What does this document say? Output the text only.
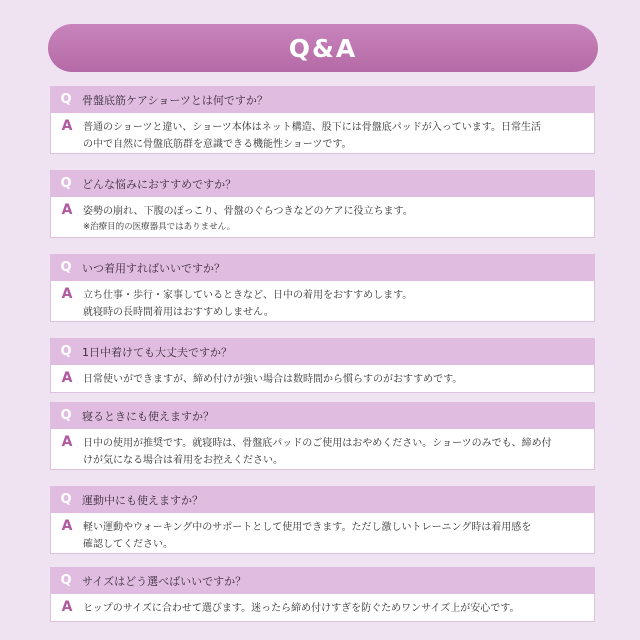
Q&A
Q 骨盤底筋ケアショーツとは何ですか？
A	普通のショーツと違い、ショーツ本体はネット構造、股下には骨盤底パッドが入っています。日常生活
の中で自然に骨盤底筋群を意識できる機能性ショーツです。
Q どんな悩みにおすすめですか？
A	姿勢の崩れ、下腹のぽっこり、骨盤のぐらつきなどのケアに役立ちます。
※治療目的の医療器具ではありません。
Q いつ着用すればいいですか？
A	立ち仕事・歩行・家事しているときなど、日中の着用をおすすめします。
就寝時の長時間着用はおすすめしません。
Q 1日中着けても大丈夫ですか？
A	日常使いができますが、締め付けが強い場合は数時間から慣らすのがおすすめです。
Q 寝るときにも使えますか？
A	日中の使用が推奨です。就寝時は、骨盤底パッドのご使用はおやめください。ショーツのみでも、締め付
けが気になる場合は着用をお控えください。
Q 運動中にも使えますか？
A	軽い運動やウォーキング中のサポートとして使用できます。ただし激しいトレーニング時は着用感を
確認してください。
Q サイズはどう選べばいいですか？
A	ヒップのサイズに合わせて選びます。迷ったら締め付けすぎを防ぐためワンサイズ上が安心です。
